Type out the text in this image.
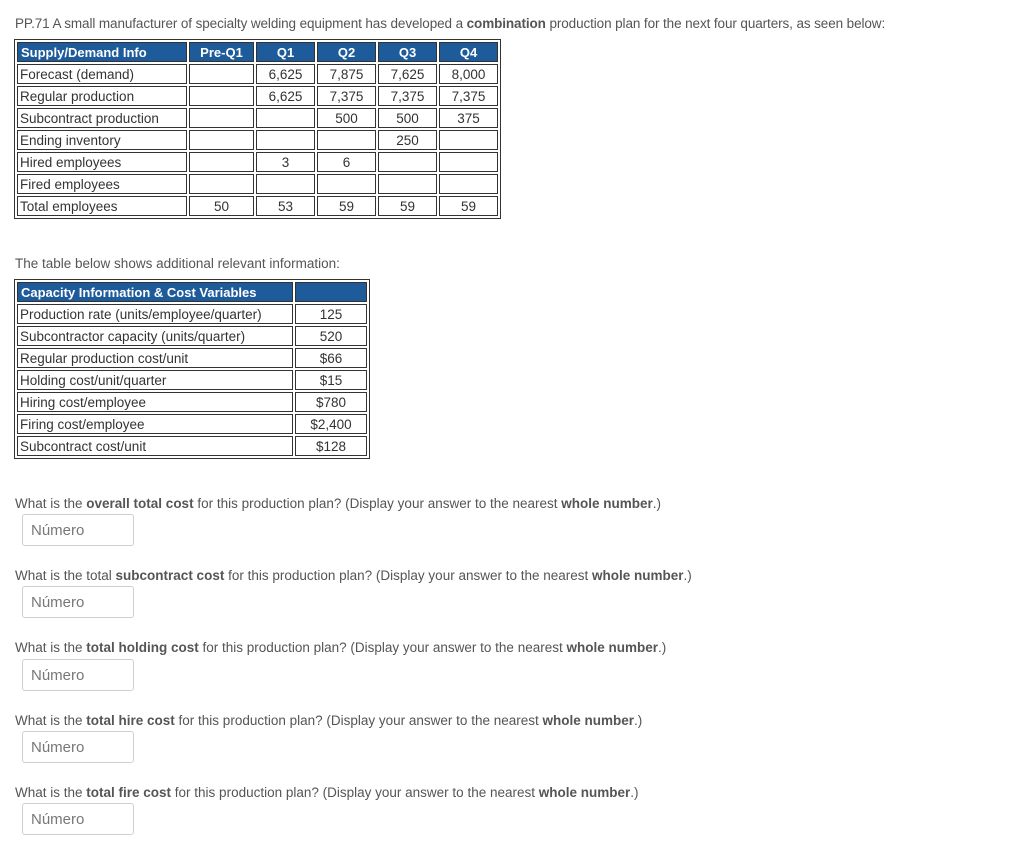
PP.71 A small manufacturer of specialty welding equipment has developed a combination production plan for the next four quarters, as seen below:
Supply/Demand Info	Pre-Q1	Q1	Q2	Q3	Q4
Forecast (demand)		6,625	7,875	7,625	8,000
Regular production		6,625	7,375	7,375	7,375
Subcontract production			500	500	375
Ending inventory				250	
Hired employees		3	6		
Fired employees					
Total employees	50	53	59	59	59
The table below shows additional relevant information:
Capacity Information & Cost Variables	
Production rate (units/employee/quarter)	125
Subcontractor capacity (units/quarter)	520
Regular production cost/unit	$66
Holding cost/unit/quarter	$15
Hiring cost/employee	$780
Firing cost/employee	$2,400
Subcontract cost/unit	$128
What is the overall total cost for this production plan? (Display your answer to the nearest whole number.)
Número
What is the total subcontract cost for this production plan? (Display your answer to the nearest whole number.)
Número
What is the total holding cost for this production plan? (Display your answer to the nearest whole number.)
Número
What is the total hire cost for this production plan? (Display your answer to the nearest whole number.)
Número
What is the total fire cost for this production plan? (Display your answer to the nearest whole number.)
Número
